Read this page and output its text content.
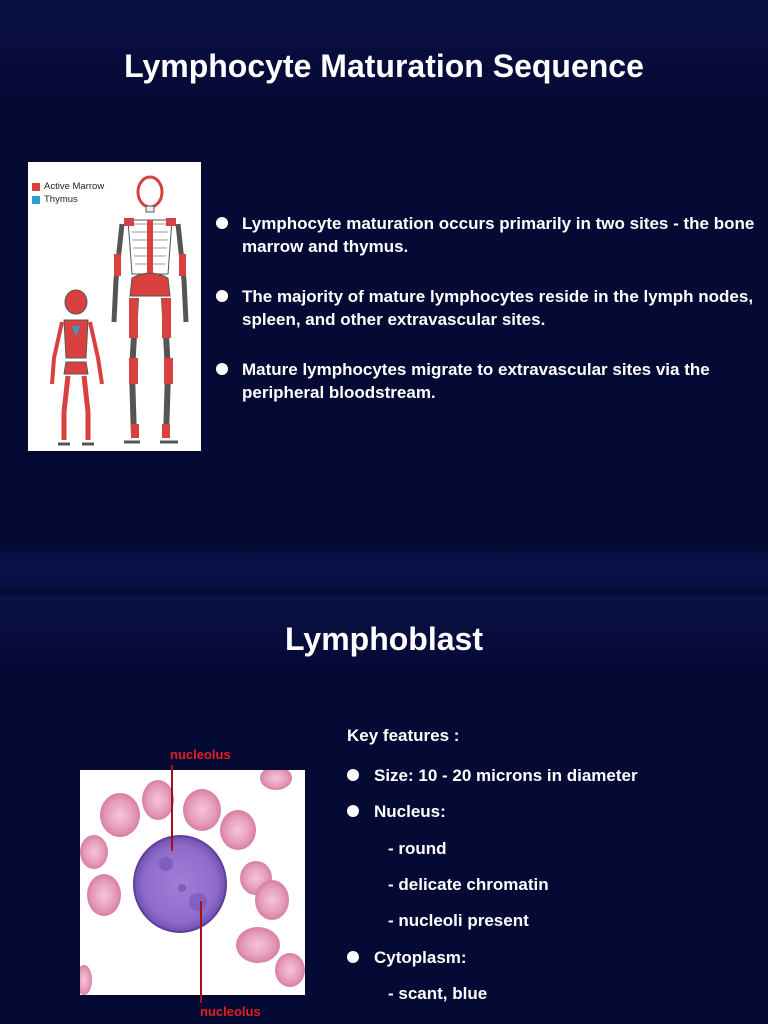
Lymphocyte Maturation Sequence
Active Marrow
Thymus
Lymphocyte maturation occurs primarily in two sites - the bone marrow and thymus.
The majority of mature lymphocytes reside in the lymph nodes, spleen, and other extravascular sites.
Mature lymphocytes migrate to extravascular sites via the peripheral bloodstream.
Lymphoblast
nucleolus
nucleolus
Key features :
Size: 10 - 20 microns in diameter
Nucleus:
- round
- delicate chromatin
- nucleoli present
Cytoplasm:
- scant, blue
